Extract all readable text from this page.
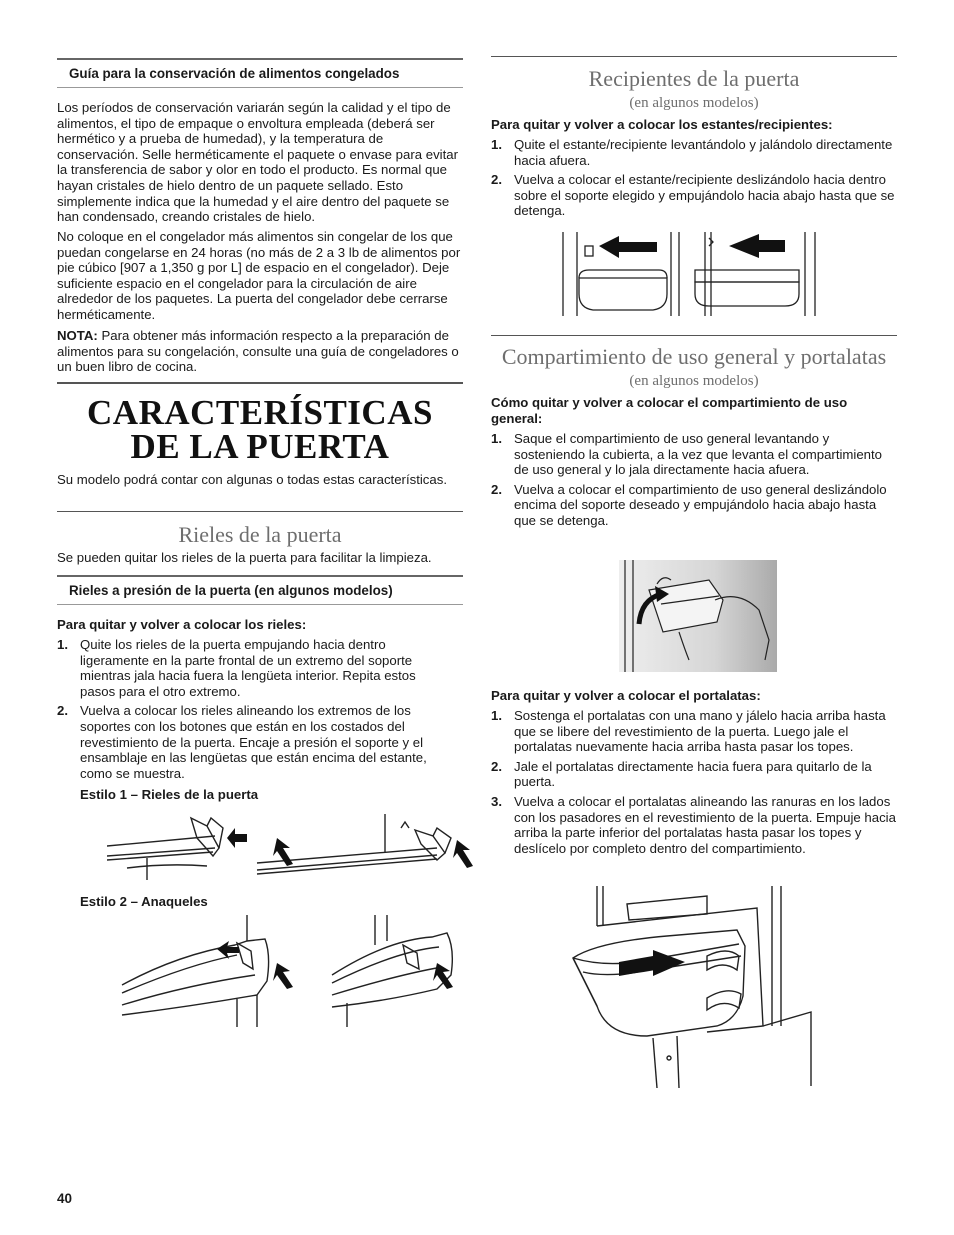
Guía para la conservación de alimentos congelados

Los períodos de conservación variarán según la calidad y el tipo de alimentos, el tipo de empaque o envoltura empleada (deberá ser hermético y a prueba de humedad), y la temperatura de conservación. Selle herméticamente el paquete o envase para evitar la transferencia de sabor y olor en todo el producto. Es normal que hayan cristales de hielo dentro de un paquete sellado. Esto simplemente indica que la humedad y el aire dentro del paquete se han condensado, creando cristales de hielo.

No coloque en el congelador más alimentos sin congelar de los que puedan congelarse en 24 horas (no más de 2 a 3 lb de alimentos por pie cúbico [907 a 1,350 g por L] de espacio en el congelador). Deje suficiente espacio en el congelador para la circulación de aire alrededor de los paquetes. La puerta del congelador debe cerrarse herméticamente.

NOTA: Para obtener más información respecto a la preparación de alimentos para su congelación, consulte una guía de congeladores o un buen libro de cocina.

CARACTERÍSTICAS DE LA PUERTA

Su modelo podrá contar con algunas o todas estas características.

Rieles de la puerta

Se pueden quitar los rieles de la puerta para facilitar la limpieza.

Rieles a presión de la puerta (en algunos modelos)

Para quitar y volver a colocar los rieles:

1. Quite los rieles de la puerta empujando hacia dentro ligeramente en la parte frontal de un extremo del soporte mientras jala hacia fuera la lengüeta interior. Repita estos pasos para el otro extremo.
2. Vuelva a colocar los rieles alineando los extremos de los soportes con los botones que están en los costados del revestimiento de la puerta. Encaje a presión el soporte y el ensamblaje en las lengüetas que están encima del estante, como se muestra.

Estilo 1 – Rieles de la puerta

Estilo 2 – Anaqueles

Recipientes de la puerta
(en algunos modelos)

Para quitar y volver a colocar los estantes/recipientes:

1. Quite el estante/recipiente levantándolo y jalándolo directamente hacia afuera.
2. Vuelva a colocar el estante/recipiente deslizándolo hacia dentro sobre el soporte elegido y empujándolo hacia abajo hasta que se detenga.
Compartimiento de uso general y portalatas
(en algunos modelos)

Cómo quitar y volver a colocar el compartimiento de uso general:

1. Saque el compartimiento de uso general levantando y sosteniendo la cubierta, a la vez que levanta el compartimiento de uso general y lo jala directamente hacia afuera.
2. Vuelva a colocar el compartimiento de uso general deslizándolo encima del soporte deseado y empujándolo hacia abajo hasta que se detenga.

Para quitar y volver a colocar el portalatas:

1. Sostenga el portalatas con una mano y jálelo hacia arriba hasta que se libere del revestimiento de la puerta. Luego jale el portalatas nuevamente hacia arriba hasta pasar los topes.
2. Jale el portalatas directamente hacia fuera para quitarlo de la puerta.
3. Vuelva a colocar el portalatas alineando las ranuras en los lados con los pasadores en el revestimiento de la puerta. Empuje hacia arriba la parte inferior del portalatas hasta pasar los topes y deslícelo por completo dentro del compartimiento.
40
